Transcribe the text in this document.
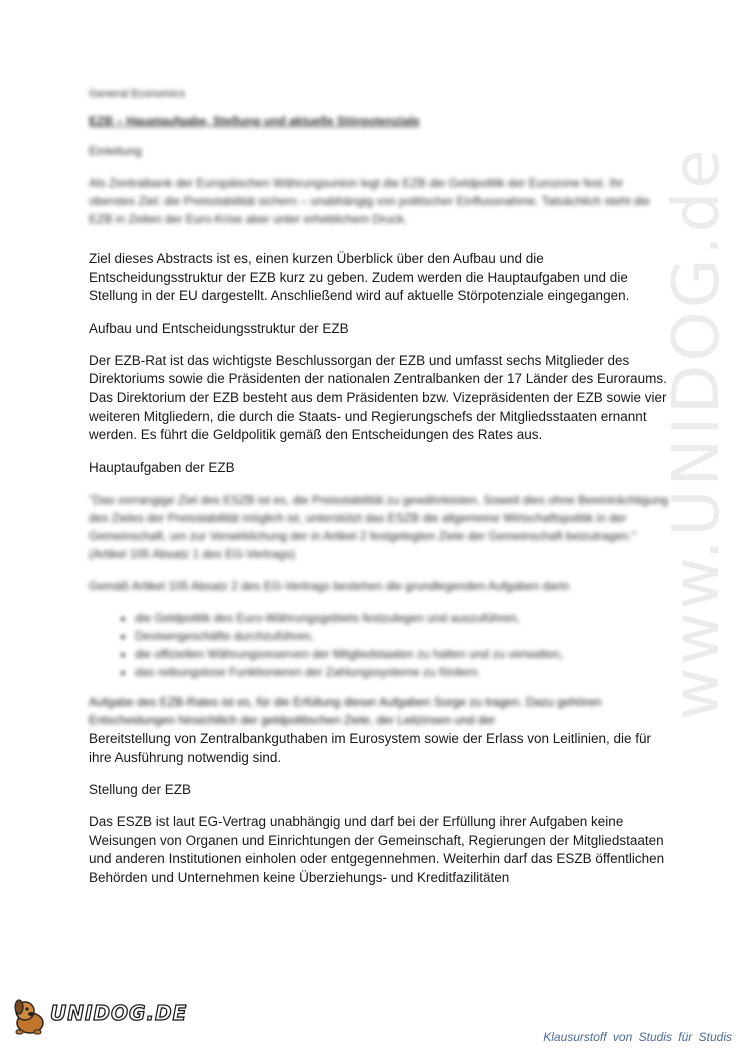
www.UNIDOG.de

General Economics

EZB – Hauptaufgabe, Stellung und aktuelle Störpotenziale

Einleitung

Als Zentralbank der Europäischen Währungsunion legt die EZB die Geldpolitik der Eurozone fest. Ihr oberstes Ziel: die Preisstabilität sichern – unabhängig von politischer Einflussnahme. Tatsächlich steht die EZB in Zeiten der Euro-Krise aber unter erheblichem Druck.

Ziel dieses Abstracts ist es, einen kurzen Überblick über den Aufbau und die Entscheidungsstruktur der EZB kurz zu geben. Zudem werden die Hauptaufgaben und die Stellung in der EU dargestellt. Anschließend wird auf aktuelle Störpotenziale eingegangen.

Aufbau und Entscheidungsstruktur der EZB

Der EZB-Rat ist das wichtigste Beschlussorgan der EZB und umfasst sechs Mitglieder des Direktoriums sowie die Präsidenten der nationalen Zentralbanken der 17 Länder des Euroraums. Das Direktorium der EZB besteht aus dem Präsidenten bzw. Vizepräsidenten der EZB sowie vier weiteren Mitgliedern, die durch die Staats- und Regierungschefs der Mitgliedsstaaten ernannt werden. Es führt die Geldpolitik gemäß den Entscheidungen des Rates aus.

Hauptaufgaben der EZB

"Das vorrangige Ziel des ESZB ist es, die Preisstabilität zu gewährleisten. Soweit dies ohne Beeinträchtigung des Zieles der Preisstabilität möglich ist, unterstützt das ESZB die allgemeine Wirtschaftspolitik in der Gemeinschaft, um zur Verwirklichung der in Artikel 2 festgelegten Ziele der Gemeinschaft beizutragen." (Artikel 105 Absatz 1 des EG-Vertrags)

Gemäß Artikel 105 Absatz 2 des EG-Vertrags bestehen die grundlegenden Aufgaben darin

• die Geldpolitik des Euro-Währungsgebiets festzulegen und auszuführen,
• Devisengeschäfte durchzuführen,
• die offiziellen Währungsreserven der Mitgliedstaaten zu halten und zu verwalten,
• das reibungslose Funktionieren der Zahlungssysteme zu fördern.

Aufgabe des EZB-Rates ist es, für die Erfüllung dieser Aufgaben Sorge zu tragen. Dazu gehören Entscheidungen hinsichtlich der geldpolitischen Ziele, der Leitzinsen und der
Bereitstellung von Zentralbankguthaben im Eurosystem sowie der Erlass von Leitlinien, die für ihre Ausführung notwendig sind.

Stellung der EZB

Das ESZB ist laut EG-Vertrag unabhängig und darf bei der Erfüllung ihrer Aufgaben keine Weisungen von Organen und Einrichtungen der Gemeinschaft, Regierungen der Mitgliedstaaten und anderen Institutionen einholen oder entgegennehmen. Weiterhin darf das ESZB öffentlichen Behörden und Unternehmen keine Überziehungs- und Kreditfazilitäten

UNIDOG.DE
Klausurstoff von Studis für Studis
